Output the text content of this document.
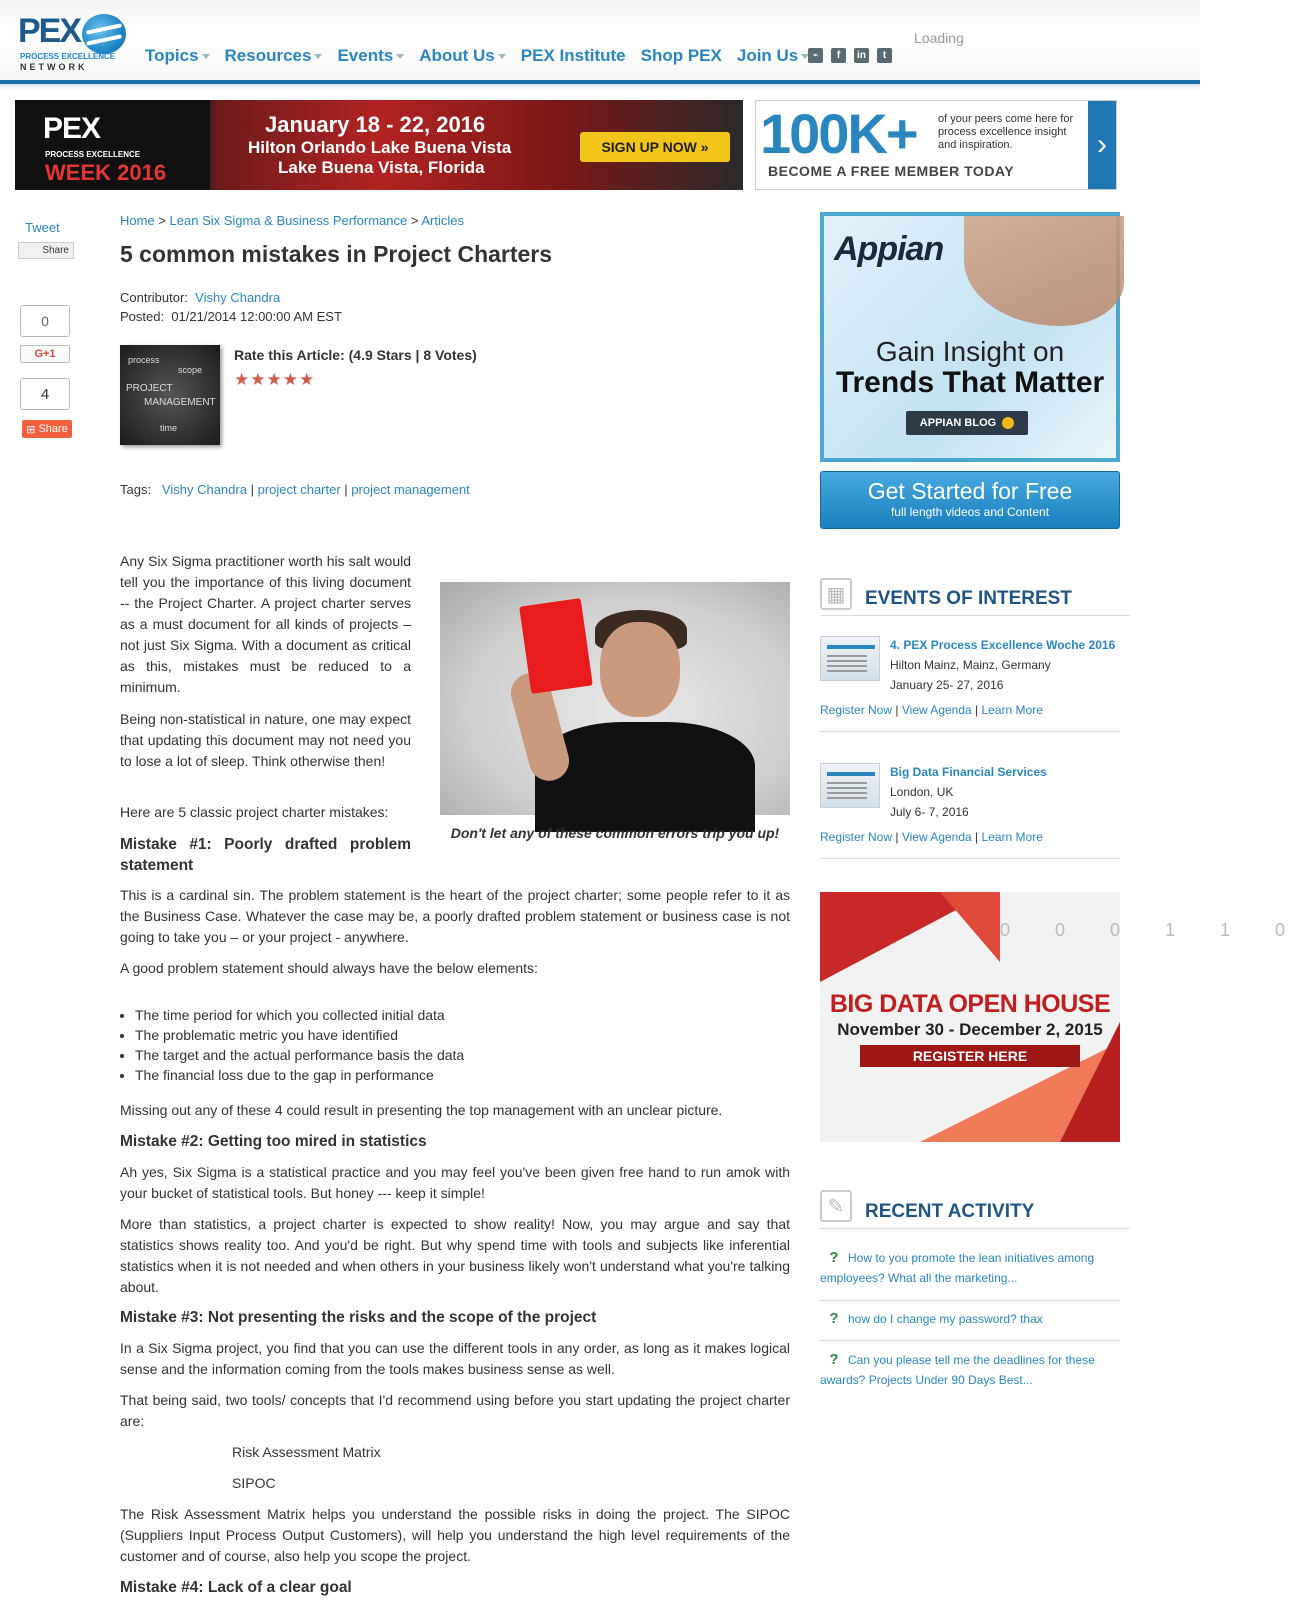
PEX
PROCESS EXCELLENCE
NETWORK
Topics Resources Events About Us PEX Institute Shop PEX Join Us	⌁	f	in	t
Loading
PEX
PROCESS EXCELLENCE
WEEK 2016
January 18 - 22, 2016
Hilton Orlando Lake Buena Vista
Lake Buena Vista, Florida
SIGN UP NOW » 100K+ of your peers come here for process excellence insight and inspiration.
BECOME A FREE MEMBER TODAY
›
Tweet
Share
0
G+1
4
⊞ Share
Home > Lean Six Sigma & Business Performance > Articles
5 common mistakes in Project Charters
Contributor: Vishy Chandra
Posted: 01/21/2014 12:00:00 AM EST
PROJECT
MANAGEMENT
process
scope
time
Rate this Article: (4.9 Stars | 8 Votes)
★ ★ ★ ★ ★
Tags: Vishy Chandra | project charter | project management

Any Six Sigma practitioner worth his salt would tell you the importance of this living document -- the Project Charter. A project charter serves as a must document for all kinds of projects – not just Six Sigma. With a document as critical as this, mistakes must be reduced to a minimum.

Being non-statistical in nature, one may expect that updating this document may not need you to lose a lot of sleep. Think otherwise then!

Here are 5 classic project charter mistakes:

Mistake #1: Poorly drafted problem statement
Don't let any of these common errors trip you up!

This is a cardinal sin. The problem statement is the heart of the project charter; some people refer to it as the Business Case. Whatever the case may be, a poorly drafted problem statement or business case is not going to take you – or your project - anywhere.

A good problem statement should always have the below elements:

• The time period for which you collected initial data
• The problematic metric you have identified
• The target and the actual performance basis the data
• The financial loss due to the gap in performance

Missing out any of these 4 could result in presenting the top management with an unclear picture.

Mistake #2: Getting too mired in statistics

Ah yes, Six Sigma is a statistical practice and you may feel you've been given free hand to run amok with your bucket of statistical tools. But honey --- keep it simple!

More than statistics, a project charter is expected to show reality! Now, you may argue and say that statistics shows reality too. And you'd be right. But why spend time with tools and subjects like inferential statistics when it is not needed and when others in your business likely won't understand what you're talking about.

Mistake #3: Not presenting the risks and the scope of the project

In a Six Sigma project, you find that you can use the different tools in any order, as long as it makes logical sense and the information coming from the tools makes business sense as well.

That being said, two tools/ concepts that I'd recommend using before you start updating the project charter are:

Risk Assessment Matrix

SIPOC

The Risk Assessment Matrix helps you understand the possible risks in doing the project. The SIPOC (Suppliers Input Process Output Customers), will help you understand the high level requirements of the customer and of course, also help you scope the project.

Mistake #4: Lack of a clear goal
Appian
Gain Insight on
Trends That Matter
APPIAN BLOG
Get Started for Free
full length videos and Content
▦	EVENTS OF INTEREST
4. PEX Process Excellence Woche 2016
Hilton Mainz, Mainz, Germany
January 25- 27, 2016
Register Now | View Agenda | Learn More
Big Data Financial Services
London, UK
July 6- 7, 2016
Register Now | View Agenda | Learn More
0 0 0 1 1 0
BIG DATA OPEN HOUSE
November 30 - December 2, 2015
REGISTER HERE
✎	RECENT ACTIVITY
? How to you promote the lean initiatives among employees? What all the marketing...
? how do I change my password? thax
? Can you please tell me the deadlines for these awards? Projects Under 90 Days Best...
